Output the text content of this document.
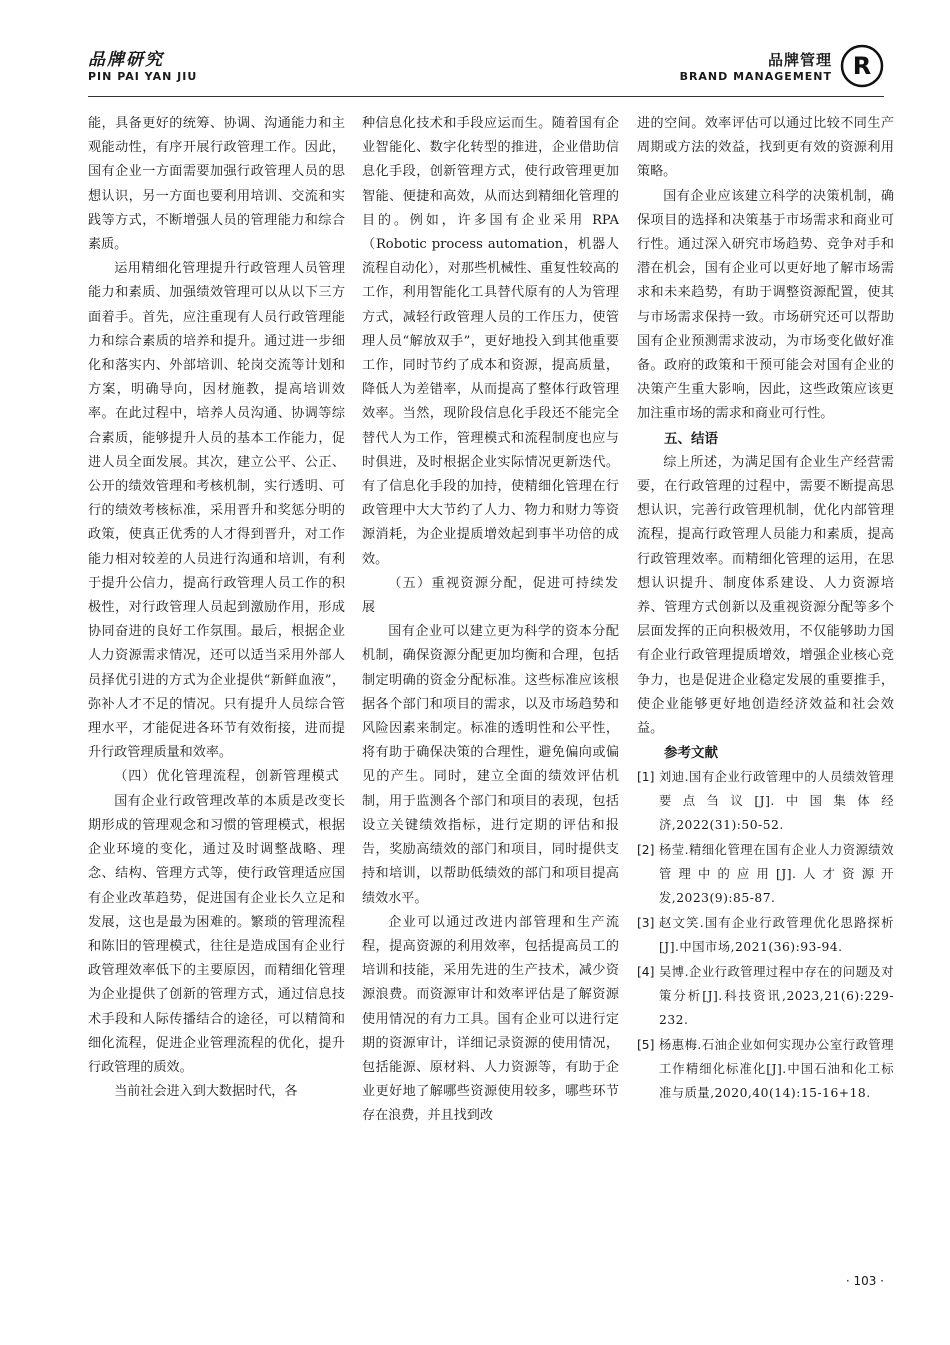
品牌研究
PIN PAI YAN JIU
品牌管理
BRAND MANAGEMENT R

能，具备更好的统筹、协调、沟通能力和主观能动性，有序开展行政管理工作。因此，国有企业一方面需要加强行政管理人员的思想认识，另一方面也要利用培训、交流和实践等方式，不断增强人员的管理能力和综合素质。

运用精细化管理提升行政管理人员管理能力和素质、加强绩效管理可以从以下三方面着手。首先，应注重现有人员行政管理能力和综合素质的培养和提升。通过进一步细化和落实内、外部培训、轮岗交流等计划和方案，明确导向，因材施教，提高培训效率。在此过程中，培养人员沟通、协调等综合素质，能够提升人员的基本工作能力，促进人员全面发展。其次，建立公平、公正、公开的绩效管理和考核机制，实行透明、可行的绩效考核标准，采用晋升和奖惩分明的政策，使真正优秀的人才得到晋升，对工作能力相对较差的人员进行沟通和培训，有利于提升公信力，提高行政管理人员工作的积极性，对行政管理人员起到激励作用，形成协同奋进的良好工作氛围。最后，根据企业人力资源需求情况，还可以适当采用外部人员择优引进的方式为企业提供“新鲜血液”，弥补人才不足的情况。只有提升人员综合管理水平，才能促进各环节有效衔接，进而提升行政管理质量和效率。

（四）优化管理流程，创新管理模式

国有企业行政管理改革的本质是改变长期形成的管理观念和习惯的管理模式，根据企业环境的变化，通过及时调整战略、理念、结构、管理方式等，使行政管理适应国有企业改革趋势，促进国有企业长久立足和发展，这也是最为困难的。繁琐的管理流程和陈旧的管理模式，往往是造成国有企业行政管理效率低下的主要原因，而精细化管理为企业提供了创新的管理方式，通过信息技术手段和人际传播结合的途径，可以精简和细化流程，促进企业管理流程的优化，提升行政管理的质效。

当前社会进入到大数据时代，各

种信息化技术和手段应运而生。随着国有企业智能化、数字化转型的推进，企业借助信息化手段，创新管理方式，使行政管理更加智能、便捷和高效，从而达到精细化管理的目的。例如，许多国有企业采用 RPA（Robotic process automation，机器人流程自动化），对那些机械性、重复性较高的工作，利用智能化工具替代原有的人为管理方式，减轻行政管理人员的工作压力，使管理人员“解放双手”，更好地投入到其他重要工作，同时节约了成本和资源，提高质量，降低人为差错率，从而提高了整体行政管理效率。当然，现阶段信息化手段还不能完全替代人为工作，管理模式和流程制度也应与时俱进，及时根据企业实际情况更新迭代。有了信息化手段的加持，使精细化管理在行政管理中大大节约了人力、物力和财力等资源消耗，为企业提质增效起到事半功倍的成效。

（五）重视资源分配，促进可持续发展

国有企业可以建立更为科学的资本分配机制，确保资源分配更加均衡和合理，包括制定明确的资金分配标准。这些标准应该根据各个部门和项目的需求，以及市场趋势和风险因素来制定。标准的透明性和公平性，将有助于确保决策的合理性，避免偏向或偏见的产生。同时，建立全面的绩效评估机制，用于监测各个部门和项目的表现，包括设立关键绩效指标，进行定期的评估和报告，奖励高绩效的部门和项目，同时提供支持和培训，以帮助低绩效的部门和项目提高绩效水平。

企业可以通过改进内部管理和生产流程，提高资源的利用效率，包括提高员工的培训和技能，采用先进的生产技术，减少资源浪费。而资源审计和效率评估是了解资源使用情况的有力工具。国有企业可以进行定期的资源审计，详细记录资源的使用情况，包括能源、原材料、人力资源等，有助于企业更好地了解哪些资源使用较多，哪些环节存在浪费，并且找到改

进的空间。效率评估可以通过比较不同生产周期或方法的效益，找到更有效的资源利用策略。

国有企业应该建立科学的决策机制，确保项目的选择和决策基于市场需求和商业可行性。通过深入研究市场趋势、竞争对手和潜在机会，国有企业可以更好地了解市场需求和未来趋势，有助于调整资源配置，使其与市场需求保持一致。市场研究还可以帮助国有企业预测需求波动，为市场变化做好准备。政府的政策和干预可能会对国有企业的决策产生重大影响，因此，这些政策应该更加注重市场的需求和商业可行性。

五、结语

综上所述，为满足国有企业生产经营需要，在行政管理的过程中，需要不断提高思想认识，完善行政管理机制，优化内部管理流程，提高行政管理人员能力和素质，提高行政管理效率。而精细化管理的运用，在思想认识提升、制度体系建设、人力资源培养、管理方式创新以及重视资源分配等多个层面发挥的正向积极效用，不仅能够助力国有企业行政管理提质增效，增强企业核心竞争力，也是促进企业稳定发展的重要推手，使企业能够更好地创造经济效益和社会效益。

参考文献
[1] 刘迪.国有企业行政管理中的人员绩效管理要点刍议[J].中国集体经济,2022(31):50-52.
[2] 杨莹.精细化管理在国有企业人力资源绩效管理中的应用[J].人才资源开发,2023(9):85-87.
[3] 赵文笑.国有企业行政管理优化思路探析[J].中国市场,2021(36):93-94.
[4] 吴博.企业行政管理过程中存在的问题及对策分析[J].科技资讯,2023,21(6):229-232.
[5] 杨惠梅.石油企业如何实现办公室行政管理工作精细化标准化[J].中国石油和化工标准与质量,2020,40(14):15-16+18.
· 103 ·
